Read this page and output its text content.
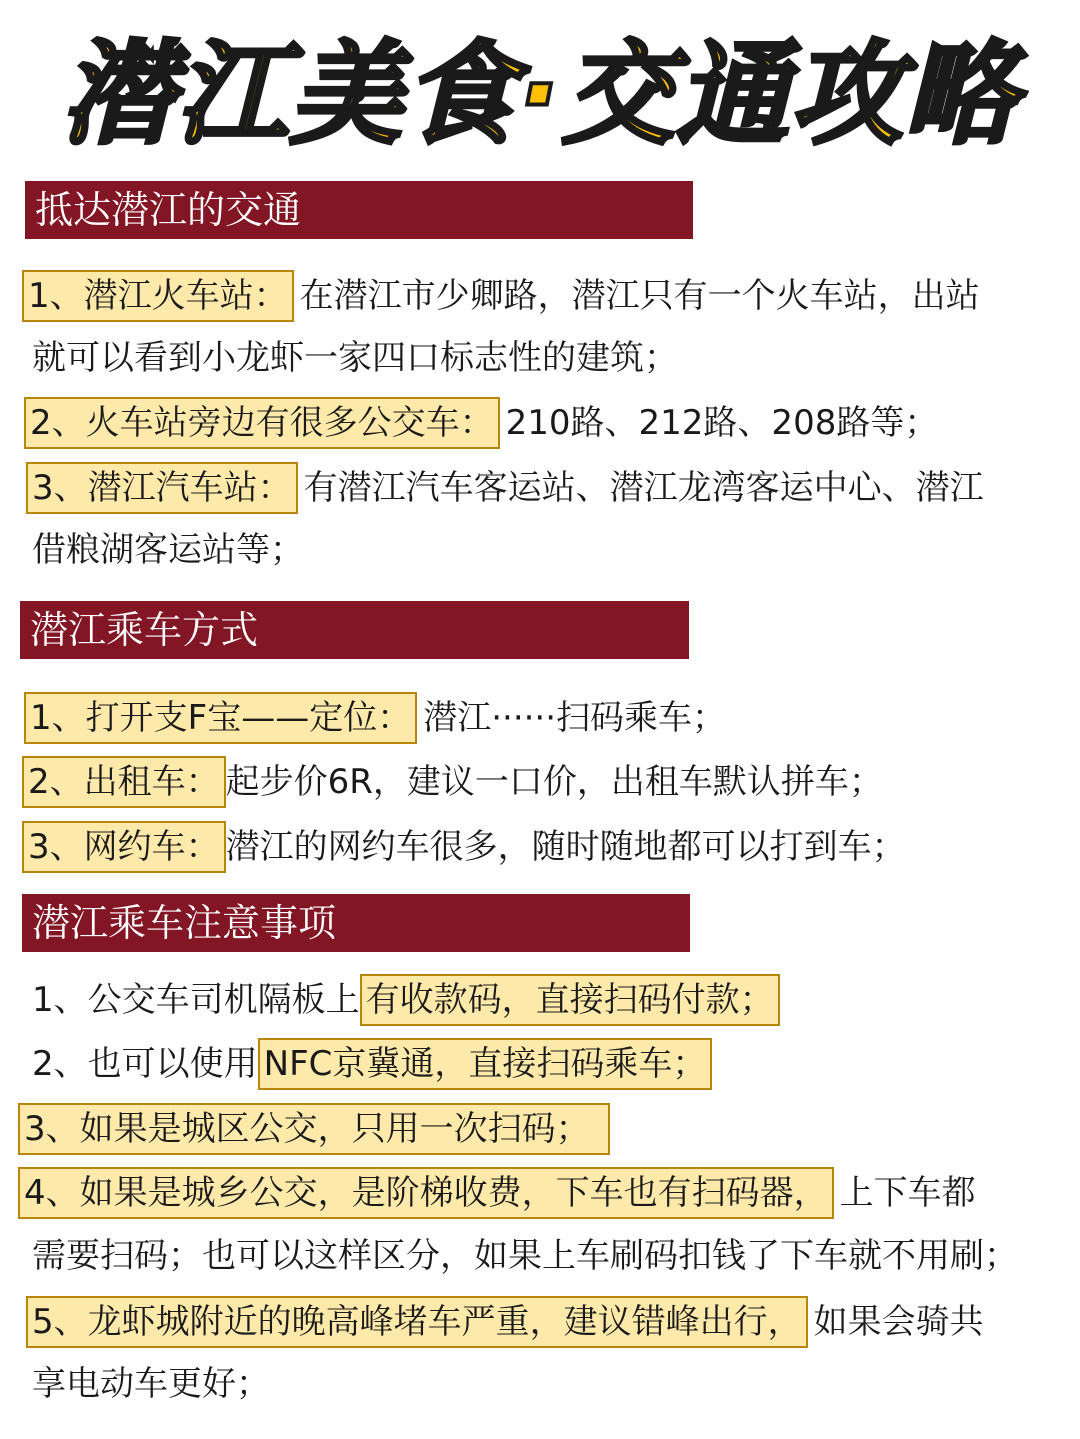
潜江美食·交通攻略
抵达潜江的交通
1、潜江火车站： 在潜江市少卿路，潜江只有一个火车站，出站
就可以看到小龙虾一家四口标志性的建筑；
2、火车站旁边有很多公交车： 210路、212路、208路等；
3、潜江汽车站： 有潜江汽车客运站、潜江龙湾客运中心、潜江
借粮湖客运站等；
潜江乘车方式
1、打开支F宝——定位： 潜江······扫码乘车；
2、出租车： 起步价6R，建议一口价，出租车默认拼车；
3、网约车： 潜江的网约车很多，随时随地都可以打到车；
潜江乘车注意事项
1、公交车司机隔板上 有收款码，直接扫码付款；
2、也可以使用 NFC京冀通，直接扫码乘车；
3、如果是城区公交，只用一次扫码；
4、如果是城乡公交，是阶梯收费，下车也有扫码器， 上下车都
需要扫码；也可以这样区分，如果上车刷码扣钱了下车就不用刷；
5、龙虾城附近的晚高峰堵车严重，建议错峰出行， 如果会骑共
享电动车更好；
